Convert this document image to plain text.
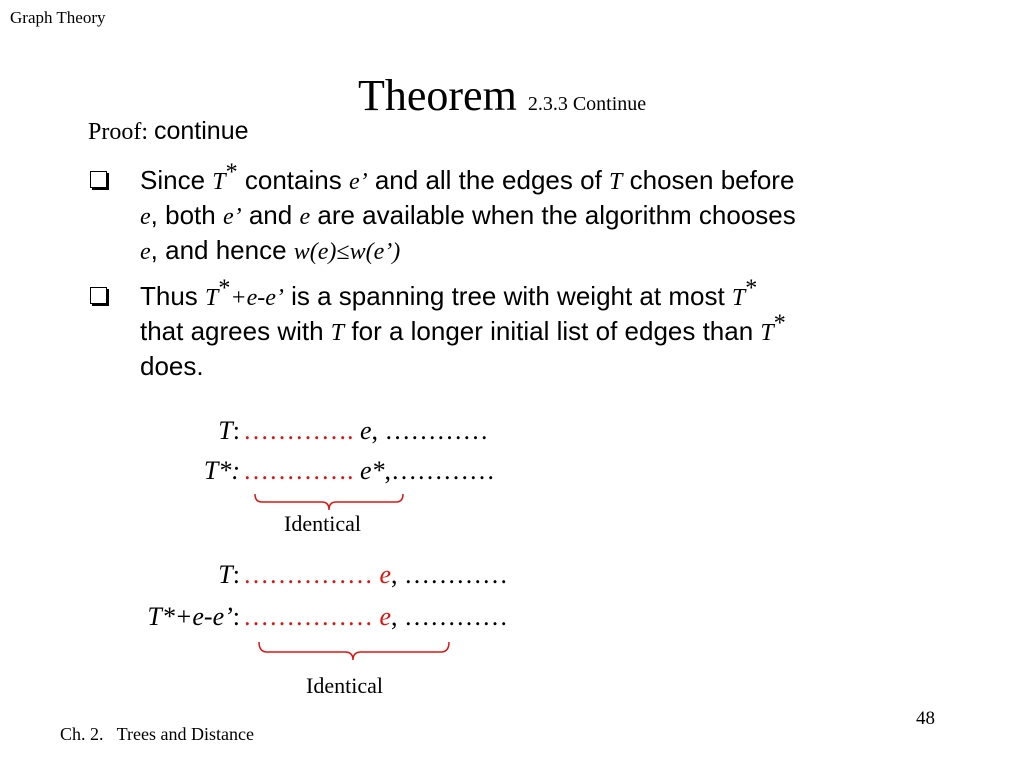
Graph Theory
Theorem 2.3.3 Continue
Proof: continue
Since T* contains e’ and all the edges of T chosen before
e, both e’ and e are available when the algorithm chooses
e, and hence w(e)≤w(e’)
Thus T*+e-e’ is a spanning tree with weight at most T*
that agrees with T for a longer initial list of edges than T*
does.
T: …………. e, …………
T*: …………. e*,…………
Identical
T: …………… e, …………
T*+e-e’: …………… e, …………
Identical
48
Ch. 2.   Trees and Distance
